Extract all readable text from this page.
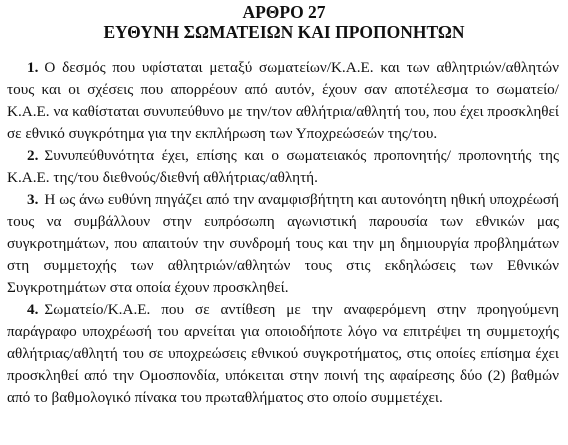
ΑΡΘΡΟ 27
ΕΥΘΥΝΗ ΣΩΜΑΤΕΙΩΝ ΚΑΙ ΠΡΟΠΟΝΗΤΩΝ

1. Ο δεσμός που υφίσταται μεταξύ σωματείων/Κ.Α.Ε. και των αθλητριών/αθλητών τους και οι σχέσεις που απορρέουν από αυτόν, έχουν σαν αποτέλεσμα το σωματείο/Κ.Α.Ε. να καθίσταται συνυπεύθυνο με την/τον αθλήτρια/αθλητή του, που έχει προσκληθεί σε εθνικό συγκρότημα για την εκπλήρωση των Υποχρεώσεών της/του.

2. Συνυπεύθυνότητα έχει, επίσης και ο σωματειακός προπονητής/ προπονητής της Κ.Α.Ε. της/του διεθνούς/διεθνή αθλήτριας/αθλητή.

3. Η ως άνω ευθύνη πηγάζει από την αναμφισβήτητη και αυτονόητη ηθική υποχρέωσή τους να συμβάλλουν στην ευπρόσωπη αγωνιστική παρουσία των εθνικών μας συγκροτημάτων, που απαιτούν την συνδρομή τους και την μη δημιουργία προβλημάτων στη συμμετοχής των αθλητριών/αθλητών τους στις εκδηλώσεις των Εθνικών Συγκροτημάτων στα οποία έχουν προσκληθεί.

4. Σωματείο/Κ.Α.Ε. που σε αντίθεση με την αναφερόμενη στην προηγούμενη παράγραφο υποχρέωσή του αρνείται για οποιοδήποτε λόγο να επιτρέψει τη συμμετοχής αθλήτριας/αθλητή του σε υποχρεώσεις εθνικού συγκροτήματος, στις οποίες επίσημα έχει προσκληθεί από την Ομοσπονδία, υπόκειται στην ποινή της αφαίρεσης δύο (2) βαθμών από το βαθμολογικό πίνακα του πρωταθλήματος στο οποίο συμμετέχει.
